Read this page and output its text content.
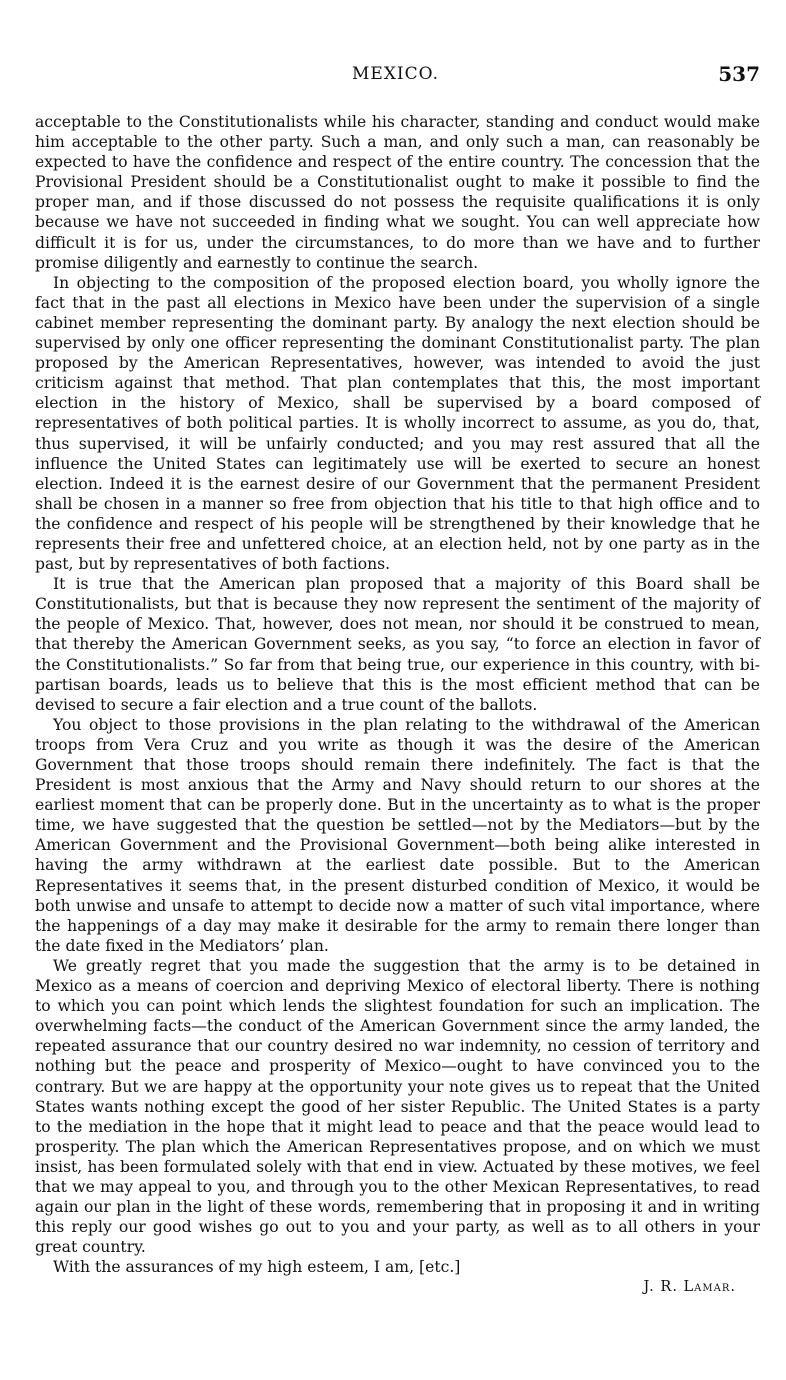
MEXICO.	537

acceptable to the Constitutionalists while his character, standing and conduct would make him acceptable to the other party. Such a man, and only such a man, can reasonably be expected to have the confidence and respect of the entire country. The concession that the Provisional President should be a Constitutionalist ought to make it possible to find the proper man, and if those discussed do not possess the requisite qualifications it is only because we have not succeeded in finding what we sought. You can well appreciate how difficult it is for us, under the circumstances, to do more than we have and to further promise diligently and earnestly to continue the search.

In objecting to the composition of the proposed election board, you wholly ignore the fact that in the past all elections in Mexico have been under the supervision of a single cabinet member representing the dominant party. By analogy the next election should be supervised by only one officer representing the dominant Constitutionalist party. The plan proposed by the American Representatives, however, was intended to avoid the just criticism against that method. That plan contemplates that this, the most important election in the history of Mexico, shall be supervised by a board composed of representatives of both political parties. It is wholly incorrect to assume, as you do, that, thus supervised, it will be unfairly conducted; and you may rest assured that all the influence the United States can legitimately use will be exerted to secure an honest election. Indeed it is the earnest desire of our Government that the permanent President shall be chosen in a manner so free from objection that his title to that high office and to the confidence and respect of his people will be strengthened by their knowledge that he represents their free and unfettered choice, at an election held, not by one party as in the past, but by representatives of both factions.

It is true that the American plan proposed that a majority of this Board shall be Constitutionalists, but that is because they now represent the sentiment of the majority of the people of Mexico. That, however, does not mean, nor should it be construed to mean, that thereby the American Government seeks, as you say, “to force an election in favor of the Constitutionalists.” So far from that being true, our experience in this country, with bi-partisan boards, leads us to believe that this is the most efficient method that can be devised to secure a fair election and a true count of the ballots.

You object to those provisions in the plan relating to the withdrawal of the American troops from Vera Cruz and you write as though it was the desire of the American Government that those troops should remain there indefinitely. The fact is that the President is most anxious that the Army and Navy should return to our shores at the earliest moment that can be properly done. But in the uncertainty as to what is the proper time, we have suggested that the question be settled—not by the Mediators—but by the American Government and the Provisional Government—both being alike interested in having the army withdrawn at the earliest date possible. But to the American Representatives it seems that, in the present disturbed condition of Mexico, it would be both unwise and unsafe to attempt to decide now a matter of such vital importance, where the happenings of a day may make it desirable for the army to remain there longer than the date fixed in the Mediators’ plan.

We greatly regret that you made the suggestion that the army is to be detained in Mexico as a means of coercion and depriving Mexico of electoral liberty. There is nothing to which you can point which lends the slightest foundation for such an implication. The overwhelming facts—the conduct of the American Government since the army landed, the repeated assurance that our country desired no war indemnity, no cession of territory and nothing but the peace and prosperity of Mexico—ought to have convinced you to the contrary. But we are happy at the opportunity your note gives us to repeat that the United States wants nothing except the good of her sister Republic. The United States is a party to the mediation in the hope that it might lead to peace and that the peace would lead to prosperity. The plan which the American Representatives propose, and on which we must insist, has been formulated solely with that end in view. Actuated by these motives, we feel that we may appeal to you, and through you to the other Mexican Representatives, to read again our plan in the light of these words, remembering that in proposing it and in writing this reply our good wishes go out to you and your party, as well as to all others in your great country.

With the assurances of my high esteem, I am, [etc.]

J. R. Lamar.
